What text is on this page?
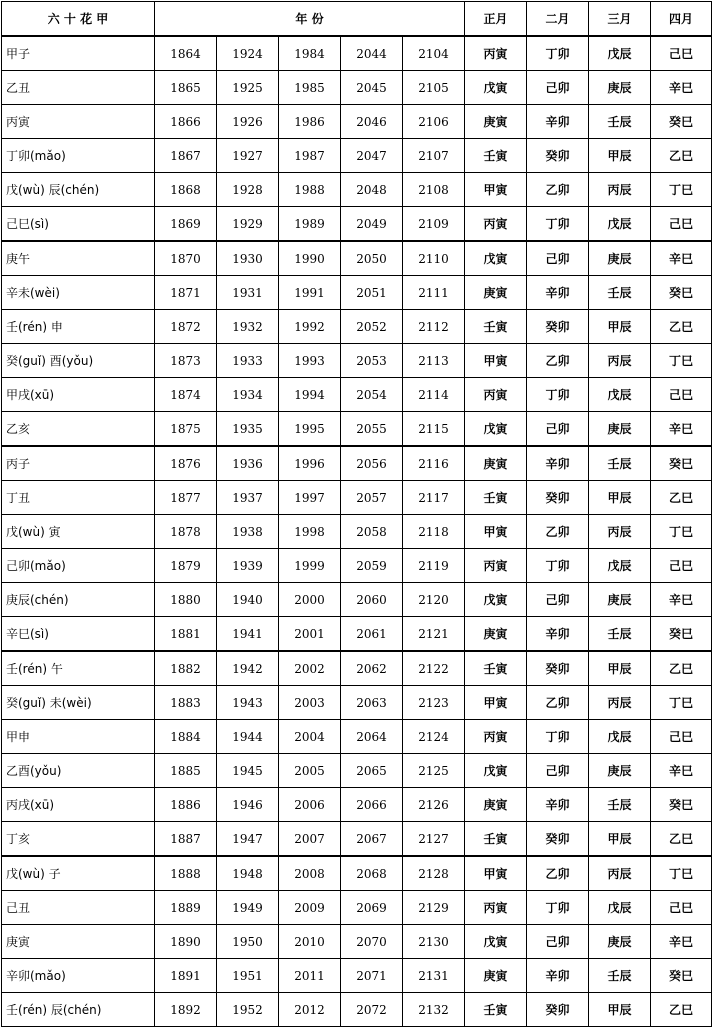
六 十 花 甲	年 份					正月	二月	三月	四月
甲子	1864	1924	1984	2044	2104	丙寅	丁卯	戊辰	己巳
乙丑	1865	1925	1985	2045	2105	戊寅	己卯	庚辰	辛巳
丙寅	1866	1926	1986	2046	2106	庚寅	辛卯	壬辰	癸巳
丁卯(mǎo)	1867	1927	1987	2047	2107	壬寅	癸卯	甲辰	乙巳
戊(wù) 辰(chén)	1868	1928	1988	2048	2108	甲寅	乙卯	丙辰	丁巳
己巳(sì)	1869	1929	1989	2049	2109	丙寅	丁卯	戊辰	己巳
庚午	1870	1930	1990	2050	2110	戊寅	己卯	庚辰	辛巳
辛未(wèi)	1871	1931	1991	2051	2111	庚寅	辛卯	壬辰	癸巳
壬(rén) 申	1872	1932	1992	2052	2112	壬寅	癸卯	甲辰	乙巳
癸(guǐ) 酉(yǒu)	1873	1933	1993	2053	2113	甲寅	乙卯	丙辰	丁巳
甲戌(xū)	1874	1934	1994	2054	2114	丙寅	丁卯	戊辰	己巳
乙亥	1875	1935	1995	2055	2115	戊寅	己卯	庚辰	辛巳
丙子	1876	1936	1996	2056	2116	庚寅	辛卯	壬辰	癸巳
丁丑	1877	1937	1997	2057	2117	壬寅	癸卯	甲辰	乙巳
戊(wù) 寅	1878	1938	1998	2058	2118	甲寅	乙卯	丙辰	丁巳
己卯(mǎo)	1879	1939	1999	2059	2119	丙寅	丁卯	戊辰	己巳
庚辰(chén)	1880	1940	2000	2060	2120	戊寅	己卯	庚辰	辛巳
辛巳(sì)	1881	1941	2001	2061	2121	庚寅	辛卯	壬辰	癸巳
壬(rén) 午	1882	1942	2002	2062	2122	壬寅	癸卯	甲辰	乙巳
癸(guǐ) 未(wèi)	1883	1943	2003	2063	2123	甲寅	乙卯	丙辰	丁巳
甲申	1884	1944	2004	2064	2124	丙寅	丁卯	戊辰	己巳
乙酉(yǒu)	1885	1945	2005	2065	2125	戊寅	己卯	庚辰	辛巳
丙戌(xū)	1886	1946	2006	2066	2126	庚寅	辛卯	壬辰	癸巳
丁亥	1887	1947	2007	2067	2127	壬寅	癸卯	甲辰	乙巳
戊(wù) 子	1888	1948	2008	2068	2128	甲寅	乙卯	丙辰	丁巳
己丑	1889	1949	2009	2069	2129	丙寅	丁卯	戊辰	己巳
庚寅	1890	1950	2010	2070	2130	戊寅	己卯	庚辰	辛巳
辛卯(mǎo)	1891	1951	2011	2071	2131	庚寅	辛卯	壬辰	癸巳
壬(rén) 辰(chén)	1892	1952	2012	2072	2132	壬寅	癸卯	甲辰	乙巳
